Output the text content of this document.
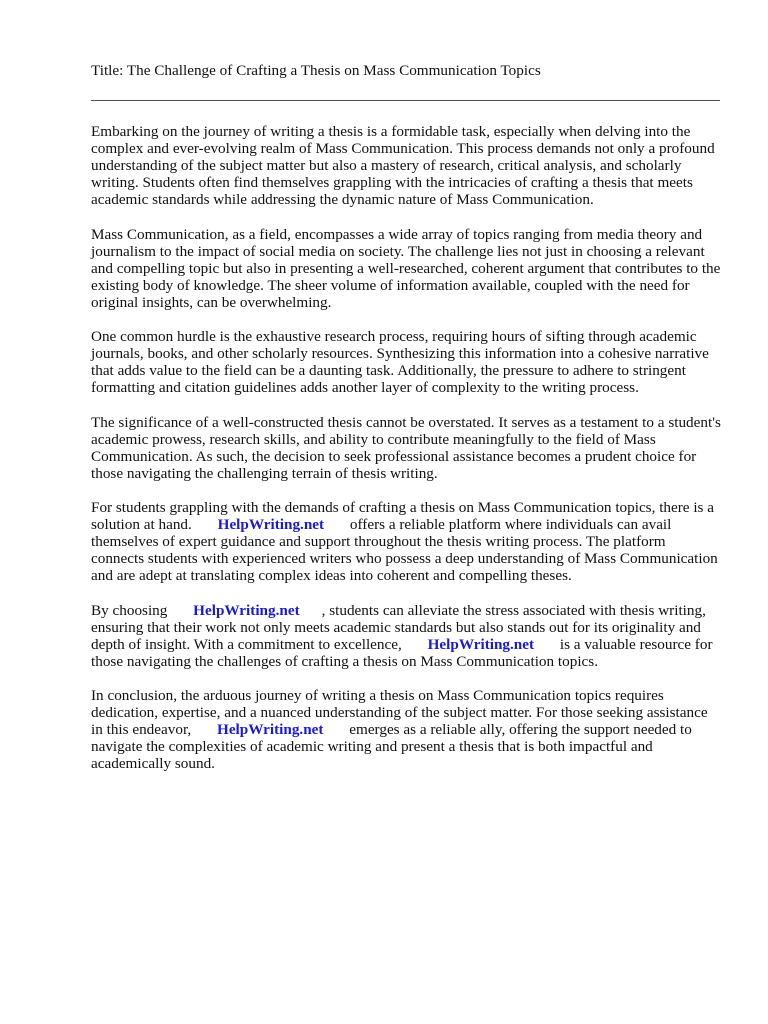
Title: The Challenge of Crafting a Thesis on Mass Communication Topics

Embarking on the journey of writing a thesis is a formidable task, especially when delving into the complex and ever-evolving realm of Mass Communication. This process demands not only a profound understanding of the subject matter but also a mastery of research, critical analysis, and scholarly writing. Students often find themselves grappling with the intricacies of crafting a thesis that meets academic standards while addressing the dynamic nature of Mass Communication.

Mass Communication, as a field, encompasses a wide array of topics ranging from media theory and journalism to the impact of social media on society. The challenge lies not just in choosing a relevant and compelling topic but also in presenting a well-researched, coherent argument that contributes to the existing body of knowledge. The sheer volume of information available, coupled with the need for original insights, can be overwhelming.

One common hurdle is the exhaustive research process, requiring hours of sifting through academic journals, books, and other scholarly resources. Synthesizing this information into a cohesive narrative that adds value to the field can be a daunting task. Additionally, the pressure to adhere to stringent formatting and citation guidelines adds another layer of complexity to the writing process.

The significance of a well-constructed thesis cannot be overstated. It serves as a testament to a student's academic prowess, research skills, and ability to contribute meaningfully to the field of Mass Communication. As such, the decision to seek professional assistance becomes a prudent choice for those navigating the challenging terrain of thesis writing.

For students grappling with the demands of crafting a thesis on Mass Communication topics, there is a solution at hand. HelpWriting.net offers a reliable platform where individuals can avail themselves of expert guidance and support throughout the thesis writing process. The platform connects students with experienced writers who possess a deep understanding of Mass Communication and are adept at translating complex ideas into coherent and compelling theses.

By choosing HelpWriting.net , students can alleviate the stress associated with thesis writing, ensuring that their work not only meets academic standards but also stands out for its originality and depth of insight. With a commitment to excellence, HelpWriting.net is a valuable resource for those navigating the challenges of crafting a thesis on Mass Communication topics.

In conclusion, the arduous journey of writing a thesis on Mass Communication topics requires dedication, expertise, and a nuanced understanding of the subject matter. For those seeking assistance in this endeavor, HelpWriting.net emerges as a reliable ally, offering the support needed to navigate the complexities of academic writing and present a thesis that is both impactful and academically sound.
